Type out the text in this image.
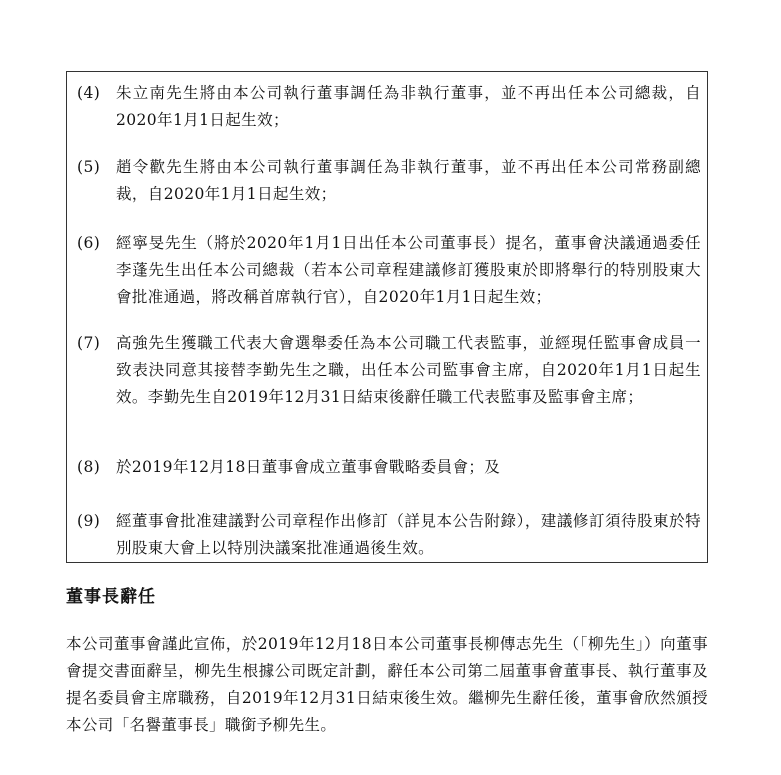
(4) 朱立南先生將由本公司執行董事調任為非執行董事，並不再出任本公司總裁，自2020年1月1日起生效；
(5) 趙令歡先生將由本公司執行董事調任為非執行董事，並不再出任本公司常務副總裁，自2020年1月1日起生效；
(6) 經寧旻先生（將於2020年1月1日出任本公司董事長）提名，董事會決議通過委任李蓬先生出任本公司總裁（若本公司章程建議修訂獲股東於即將舉行的特別股東大會批准通過，將改稱首席執行官），自2020年1月1日起生效；
(7) 高強先生獲職工代表大會選舉委任為本公司職工代表監事，並經現任監事會成員一致表決同意其接替李勤先生之職，出任本公司監事會主席，自2020年1月1日起生效。李勤先生自2019年12月31日結束後辭任職工代表監事及監事會主席；
(8) 於2019年12月18日董事會成立董事會戰略委員會；及
(9) 經董事會批准建議對公司章程作出修訂（詳見本公告附錄），建議修訂須待股東於特別股東大會上以特別決議案批准通過後生效。
董事長辭任
本公司董事會謹此宣佈，於2019年12月18日本公司董事長柳傳志先生（「柳先生」）向董事會提交書面辭呈，柳先生根據公司既定計劃，辭任本公司第二屆董事會董事長、執行董事及提名委員會主席職務，自2019年12月31日結束後生效。繼柳先生辭任後，董事會欣然頒授本公司「名譽董事長」職銜予柳先生。
